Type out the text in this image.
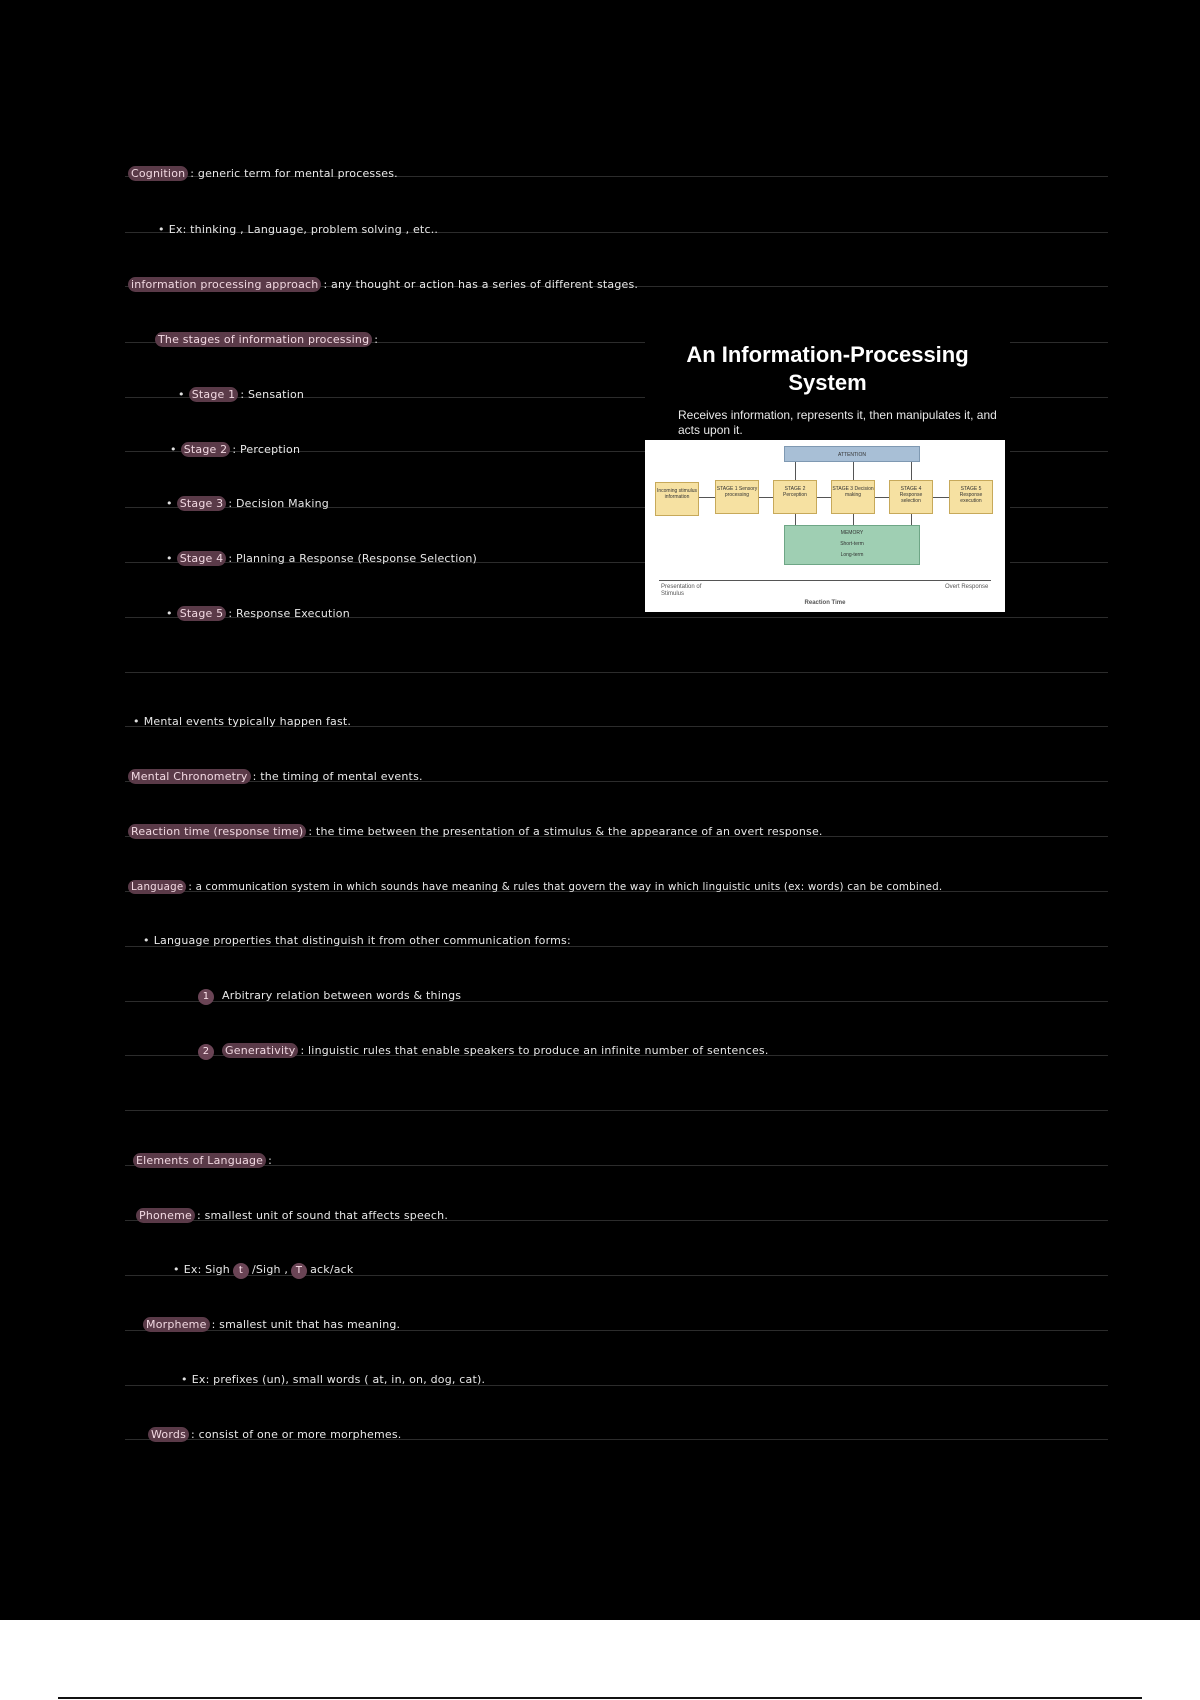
Cognition : generic term for mental processes.
• Ex: thinking , Language, problem solving , etc..
information processing approach : any thought or action has a series of different stages.
The stages of information processing :
• Stage 1 : Sensation
• Stage 2 : Perception
• Stage 3 : Decision Making
• Stage 4 : Planning a Response (Response Selection)
• Stage 5 : Response Execution
• Mental events typically happen fast.
Mental Chronometry : the timing of mental events.
Reaction time (response time) : the time between the presentation of a stimulus & the appearance of an overt response.
Language : a communication system in which sounds have meaning & rules that govern the way in which linguistic units (ex: words) can be combined.
• Language properties that distinguish it from other communication forms:
1 Arbitrary relation between words & things
2 Generativity : linguistic rules that enable speakers to produce an infinite number of sentences.
Elements of Language :
Phoneme : smallest unit of sound that affects speech.
• Ex: Sigh t /Sigh , T ack/ack
Morpheme : smallest unit that has meaning.
• Ex: prefixes (un), small words ( at, in, on, dog, cat).
Words : consist of one or more morphemes.
An Information-Processing System
Receives information, represents it, then manipulates it, and acts upon it.
ATTENTION
Incoming stimulus information
STAGE 1 Sensory processing
STAGE 2 Perception
STAGE 3 Decision making
STAGE 4 Response selection
STAGE 5 Response execution
MEMORY
Short-term
Long-term
Presentation of Stimulus
Overt Response
Reaction Time
